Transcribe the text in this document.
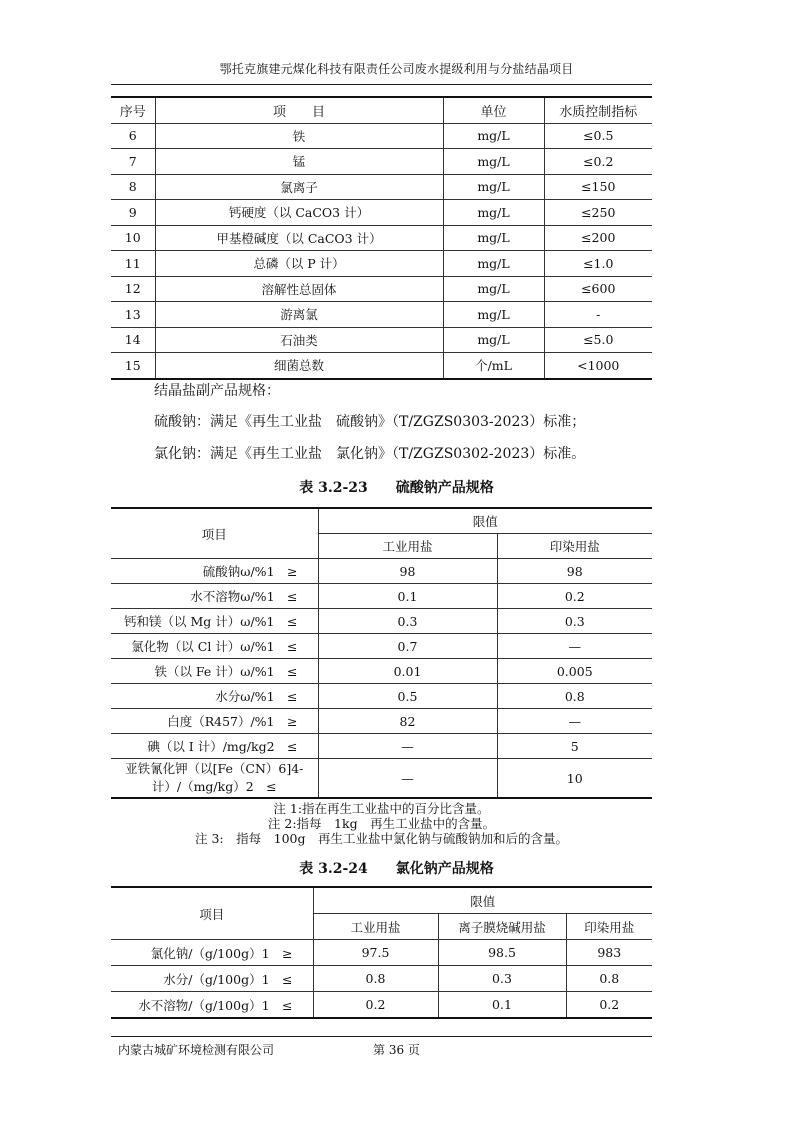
鄂托克旗建元煤化科技有限责任公司废水提级利用与分盐结晶项目
序号	项　　目	单位	水质控制指标
6	铁	mg/L	≤0.5
7	锰	mg/L	≤0.2
8	氯离子	mg/L	≤150
9	钙硬度（以 CaCO3 计）	mg/L	≤250
10	甲基橙碱度（以 CaCO3 计）	mg/L	≤200
11	总磷（以 P 计）	mg/L	≤1.0
12	溶解性总固体	mg/L	≤600
13	游离氯	mg/L	-
14	石油类	mg/L	≤5.0
15	细菌总数	个/mL	<1000
结晶盐副产品规格：
硫酸钠：满足《再生工业盐　硫酸钠》（T/ZGZS0303-2023）标准；
氯化钠：满足《再生工业盐　氯化钠》（T/ZGZS0302-2023）标准。
表 3.2-23 硫酸钠产品规格
项目	限值	
	工业用盐	印染用盐
硫酸钠ω/%1　≥	98	98
水不溶物ω/%1　≤	0.1	0.2
钙和镁（以 Mg 计）ω/%1　≤	0.3	0.3
氯化物（以 Cl 计）ω/%1　≤	0.7	—
铁（以 Fe 计）ω/%1　≤	0.01	0.005
水分ω/%1　≤	0.5	0.8
白度（R457）/%1　≥	82	—
碘（以 I 计）/mg/kg2　≤	—	5

亚铁氰化钾（以[Fe（CN）6]4-
计）/（mg/kg）2　≤	—	10
注 1:指在再生工业盐中的百分比含量。
注 2:指每　1kg　再生工业盐中的含量。
注 3:　指每　100g　再生工业盐中氯化钠与硫酸钠加和后的含量。
表 3.2-24 氯化钠产品规格
项目	限值		
	工业用盐	离子膜烧碱用盐	印染用盐
氯化钠/（g/100g）1　≥	97.5	98.5	983
水分/（g/100g）1　≤	0.8	0.3	0.8
水不溶物/（g/100g）1　≤	0.2	0.1	0.2
内蒙古城矿环境检测有限公司	第 36 页
